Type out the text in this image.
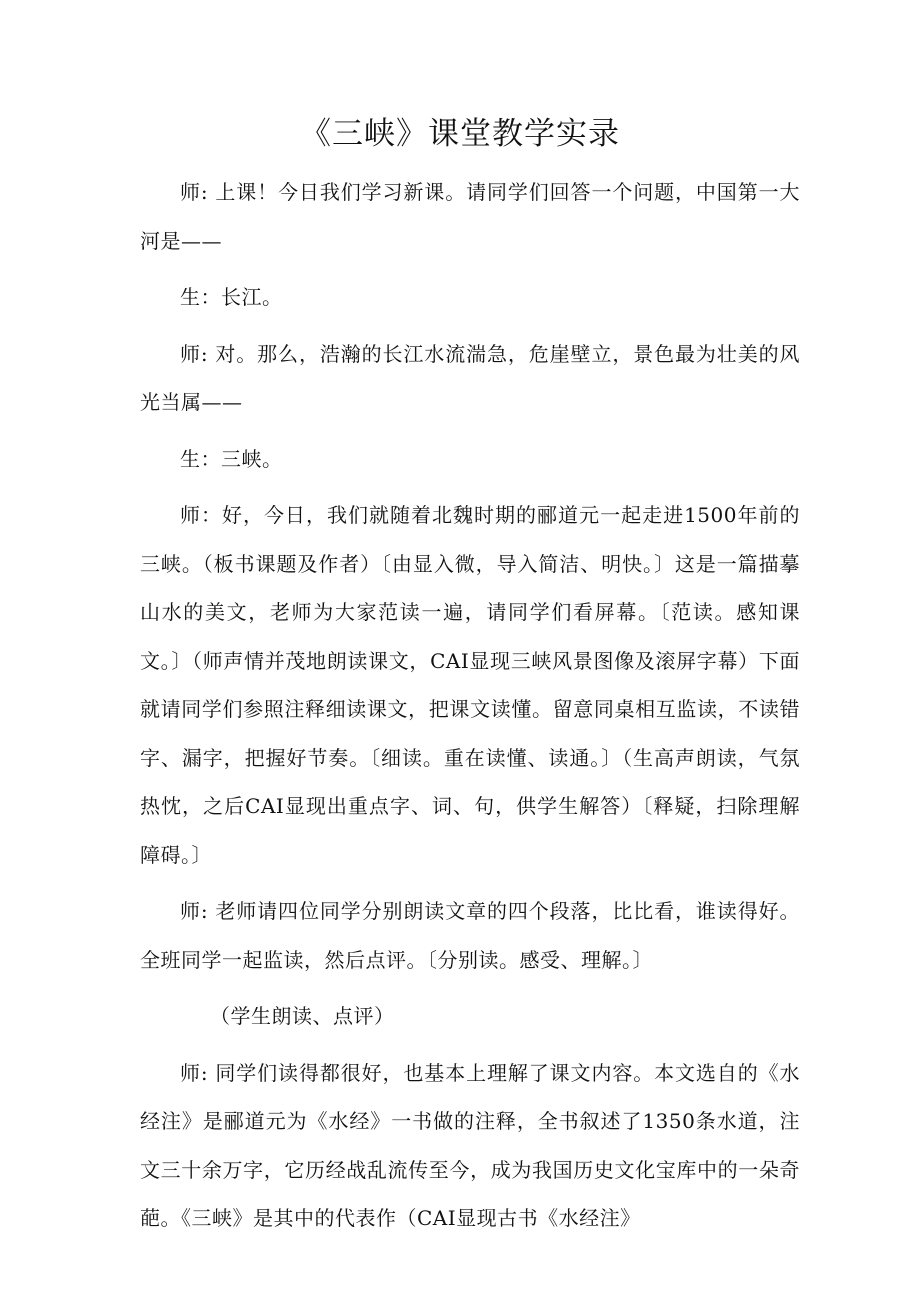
《三峡》课堂教学实录

师: 上课！今日我们学习新课。请同学们回答一个问题，中国第一大河是——

生：长江。

师: 对。那么，浩瀚的长江水流湍急，危崖壁立，景色最为壮美的风光当属——

生：三峡。

师：好，今日，我们就随着北魏时期的郦道元一起走进1500年前的三峡。（板书课题及作者）〔由显入微，导入简洁、明快。〕这是一篇描摹山水的美文，老师为大家范读一遍，请同学们看屏幕。〔范读。感知课文。〕（师声情并茂地朗读课文，CAI显现三峡风景图像及滚屏字幕）下面就请同学们参照注释细读课文，把课文读懂。留意同桌相互监读，不读错字、漏字，把握好节奏。〔细读。重在读懂、读通。〕（生高声朗读，气氛热忱，之后CAI显现出重点字、词、句，供学生解答）〔释疑，扫除理解障碍。〕

师: 老师请四位同学分别朗读文章的四个段落，比比看，谁读得好。全班同学一起监读，然后点评。〔分别读。感受、理解。〕

（学生朗读、点评）

师: 同学们读得都很好，也基本上理解了课文内容。本文选自的《水经注》是郦道元为《水经》一书做的注释，全书叙述了1350条水道，注文三十余万字，它历经战乱流传至今，成为我国历史文化宝库中的一朵奇葩。《三峡》是其中的代表作（CAI显现古书《水经注》
